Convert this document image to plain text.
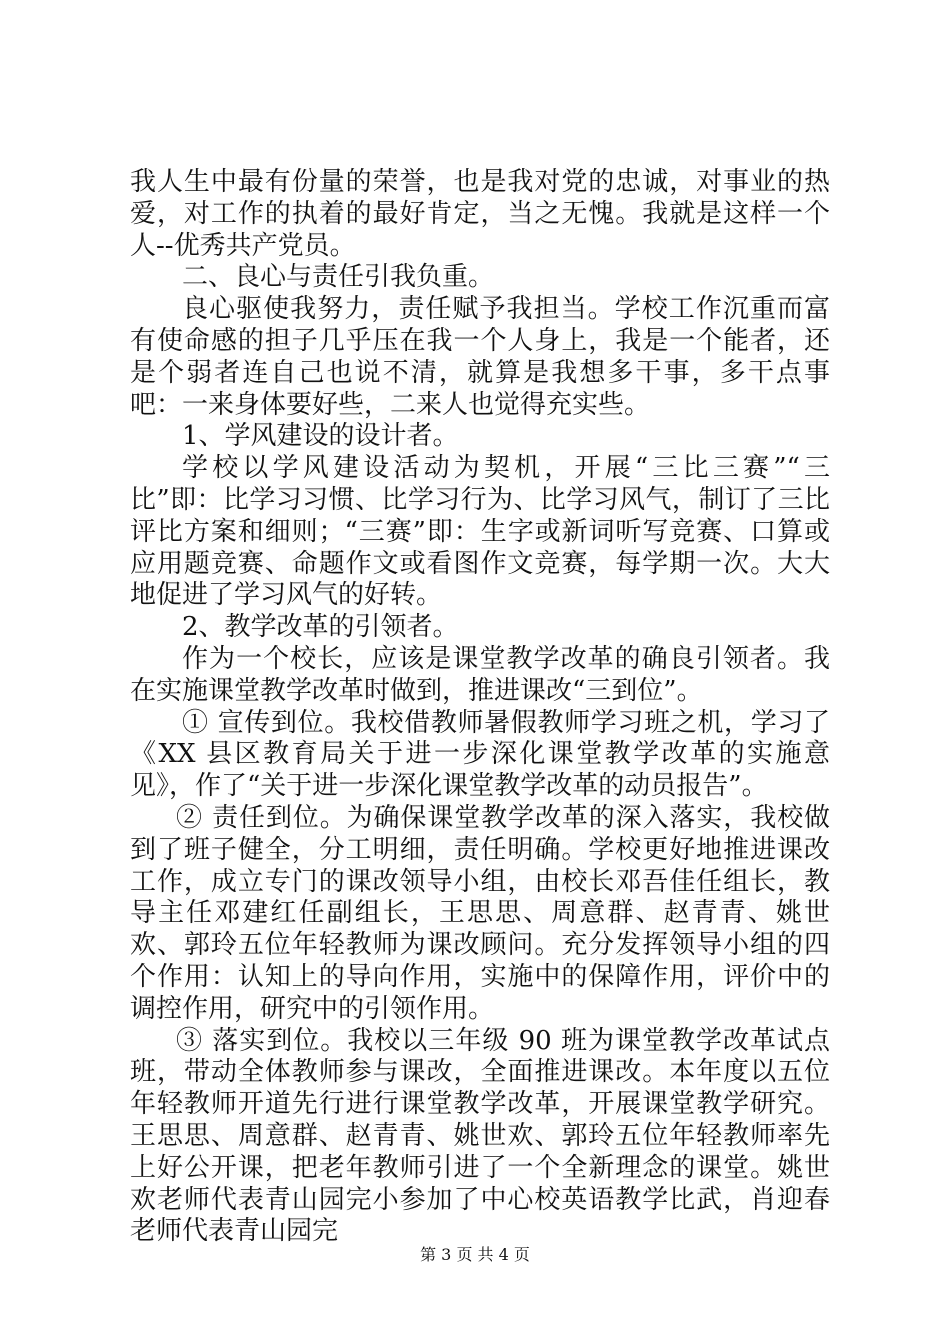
我人生中最有份量的荣誉，也是我对党的忠诚，对事业的热爱，对工作的执着的最好肯定，当之无愧。我就是这样一个人--优秀共产党员。

二、良心与责任引我负重。

良心驱使我努力，责任赋予我担当。学校工作沉重而富有使命感的担子几乎压在我一个人身上，我是一个能者，还是个弱者连自己也说不清，就算是我想多干事，多干点事吧：一来身体要好些，二来人也觉得充实些。

1、学风建设的设计者。

学校以学风建设活动为契机，开展“三比三赛”“三比”即：比学习习惯、比学习行为、比学习风气，制订了三比评比方案和细则；“三赛”即：生字或新词听写竞赛、口算或应用题竞赛、命题作文或看图作文竞赛，每学期一次。大大地促进了学习风气的好转。

2、教学改革的引领者。

作为一个校长，应该是课堂教学改革的确良引领者。我在实施课堂教学改革时做到，推进课改“三到位”。

① 宣传到位。我校借教师暑假教师学习班之机，学习了《XX 县区教育局关于进一步深化课堂教学改革的实施意见》，作了“关于进一步深化课堂教学改革的动员报告”。

② 责任到位。为确保课堂教学改革的深入落实，我校做到了班子健全，分工明细，责任明确。学校更好地推进课改工作，成立专门的课改领导小组，由校长邓吾佳任组长，教导主任邓建红任副组长，王思思、周意群、赵青青、姚世欢、郭玲五位年轻教师为课改顾问。充分发挥领导小组的四个作用：认知上的导向作用，实施中的保障作用，评价中的调控作用，研究中的引领作用。

③ 落实到位。我校以三年级 90 班为课堂教学改革试点班，带动全体教师参与课改，全面推进课改。本年度以五位年轻教师开道先行进行课堂教学改革，开展课堂教学研究。王思思、周意群、赵青青、姚世欢、郭玲五位年轻教师率先上好公开课，把老年教师引进了一个全新理念的课堂。姚世欢老师代表青山园完小参加了中心校英语教学比武，肖迎春老师代表青山园完

第 3 页 共 4 页
